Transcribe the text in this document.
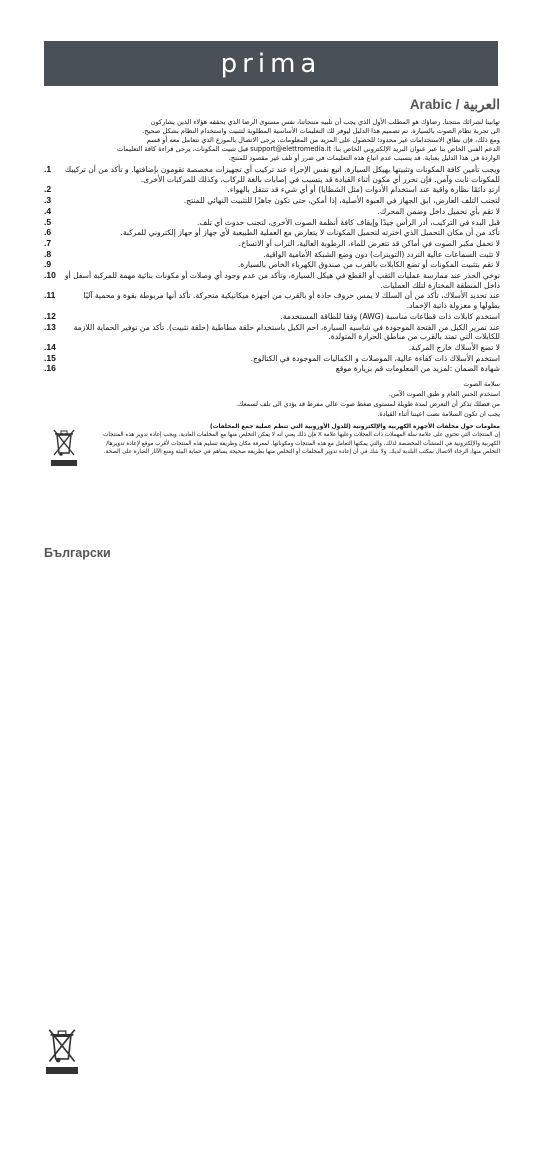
prima
Arabic / العربية
تهانينا لشرائك منتجنا. رضاؤك هو المطلب الأول الذي يجب أن نلبيه منتجاتنا، نفس مستوى الرضا الذي يحققه هؤلاء الذين يشاركون
الى تجربة نظام الصوت بالسيارة. تم تصميم هذا الدليل ليوفر لك التعليمات الأساسية المطلوبة لتثبيت واستخدام النظام بشكل صحيح.
ومع ذلك، فإن نطاق الاستخدامات غير محدود؛ للحصول على المزيد من المعلومات، يرجى الاتصال بالموزع الذي تتعامل معه أو قسم
الدعم الفني الخاص بنا عبر عنوان البريد الإلكتروني الخاص بنا: support@elettromedia.it قبل تثبيت المكونات، يرجى قراءة كافة التعليمات
الواردة في هذا الدليل بعناية. قد يتسبب عدم اتباع هذه التعليمات في ضرر أو تلف غير مقصود للمنتج.
1.	ويجب تأمين كافة المكونات وتثبيتها بهيكل السيارة. اتبع نفس الإجراء عند تركيب أي تجهيزات مخصصة تقومون بإضافتها. و تأكد من أن تركيبك للمكونات ثابت وآمن. فإن تحرر أي مكون أثناء القيادة قد يتسبب في إصابات بالغة للركاب، وكذلك للمركبات الأخرى.
2.	ارتدِ دائمًا نظارة واقية عند استخدام الأدوات (مثل الشظايا) أو أي شيء قد تنتقل بالهواء.
3.	لتجنب التلف العارض، ابق الجهاز في العبوة الأصلية، إذا أمكن، حتى تكون جاهزًا للتثبيت النهائي للمنتج.
4.	لا تقم بأي تحميل داخل وضمن المحرك.
5.	قبل البدء في التركيب، أدر الرأس جيدًا وإيقاف كافة أنظمة الصوت الأخرى، لتجنب حدوث أي تلف.
6.	تأكد من أن مكان التحميل الذي اخترته لتحميل المكونات لا يتعارض مع العملية الطبيعية لأي جهاز أو جهاز إلكتروني للمركبة.
7.	لا تحمل مكبر الصوت في أماكن قد تتعرض للماء، الرطوبة العالية، التراب أو الاتساخ.
8.	لا تثبت السماعات عالية التردد (التويترات) دون وضع الشبكة الأمامية الواقية.
9.	لا تقم بتثبيت المكونات أو تضع الكابلات بالقرب من صندوق الكهرباء الخاص بالسيارة.
10.	توخي الحذر عند ممارسة عمليات الثقب أو القطع في هيكل السيارة، وتأكد من عدم وجود أي وصلات أو مكونات بنائية مهمة للمركبة أسفل أو داخل المنطقة المختارة لتلك العمليات.
11.	عند تحديد الأسلاك، تأكد من أن السلك لا يمس حروف حادة أو بالقرب من أجهزة ميكانيكية متحركة. تأكد أنها مربوطة بقوة و محمية آليًا بطولها و معزولة ذاتية الإخماد.
12.	استخدم كابلات ذات قطاعات مناسبة (AWG) وفقا للطاقة المستخدمة.
13.	عند تمرير الكبل من الفتحة الموجودة في شاسيه السيارة، احم الكبل باستخدام حلقة مطاطية (حلقة تثبيت). تأكد من توفير الحماية اللازمة للكابلات التي تمتد بالقرب من مناطق الحرارة المتولدة.
14.	لا تضع الأسلاك خارج المركبة.
15.	استخدم الأسلاك ذات كفاءة عالية، الموصلات و الكماليات الموجودة في الكتالوج.
16.	شهادة الضمان :لمزيد من المعلومات قم بزيارة موقع
سلامة الصوت
استخدم الحس العام و طبق الصوت الآمن.
من فضلك تذكر أن التعرض لمدة طويلة لمستوى ضغط صوت عالي مفرط قد يؤدي الى تلف لسمعك.
يجب ان تكون السلامة نصب اعيننا أثناء القيادة.
معلومات حول مخلفات الأجهزة الكهربية والإلكترونية (للدول الأوروبية التي تنظم عملية جمع المخلفات)
إن المنتجات التي تحتوي على علامة سلة المهملات ذات العجلات وعليها علامة X فإن ذلك يعني أنه لا يمكن التخلص منها مع المخلفات العادية. ويجب إعادة تدوير هذه المنتجات الكهربية والإلكترونية في المنشآت المخصصة لذلك، والتي يمكنها التعامل مع هذه المنتجات ومكوناتها. لمعرفة مكان وطريقة تسليم هذه المنتجات لأقرب موقع لإعادة تدويرها/ التخلص منها، الرجاء الاتصال بمكتب البلدية لديك. ولا شك في أن إعادة تدوير المخلفات أو التخلص منها بطريقة صحيحة يساهم في حماية البيئة ومنع الآثار الضارة على الصحة.
Български
